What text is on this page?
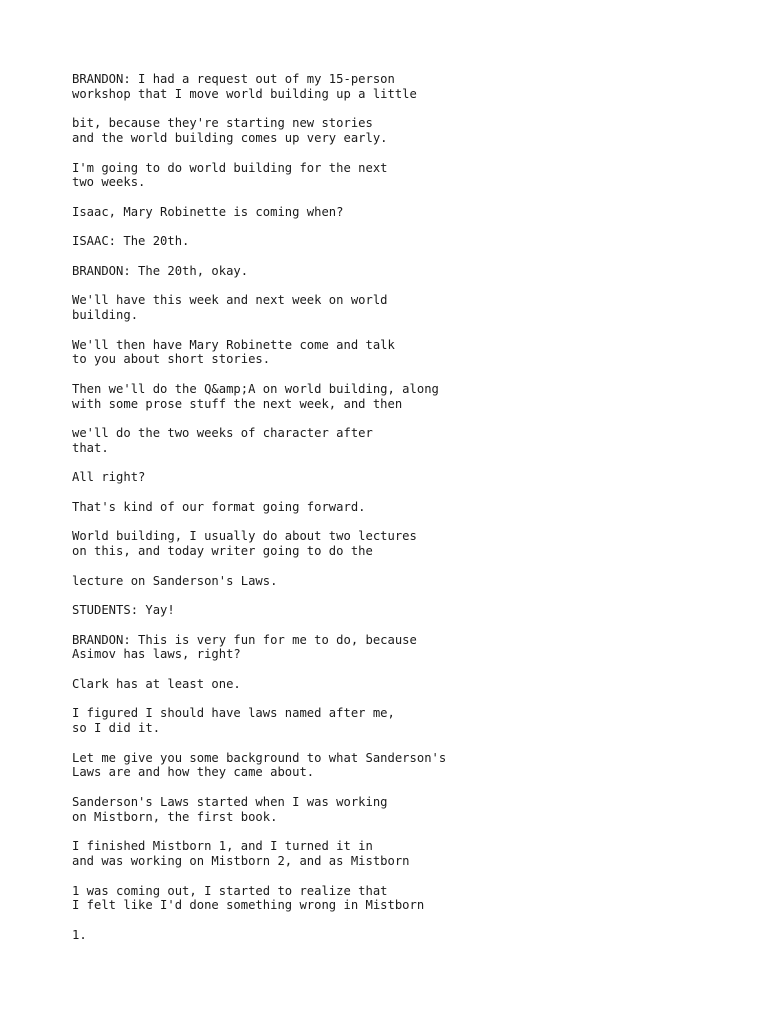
BRANDON: I had a request out of my 15-person
workshop that I move world building up a little

bit, because they're starting new stories
and the world building comes up very early.

I'm going to do world building for the next
two weeks.

Isaac, Mary Robinette is coming when?

ISAAC: The 20th.

BRANDON: The 20th, okay.

We'll have this week and next week on world
building.

We'll then have Mary Robinette come and talk
to you about short stories.

Then we'll do the Q&amp;A on world building, along
with some prose stuff the next week, and then

we'll do the two weeks of character after
that.

All right?

That's kind of our format going forward.

World building, I usually do about two lectures
on this, and today writer going to do the

lecture on Sanderson's Laws.

STUDENTS: Yay!

BRANDON: This is very fun for me to do, because
Asimov has laws, right?

Clark has at least one.

I figured I should have laws named after me,
so I did it.

Let me give you some background to what Sanderson's
Laws are and how they came about.

Sanderson's Laws started when I was working
on Mistborn, the first book.

I finished Mistborn 1, and I turned it in
and was working on Mistborn 2, and as Mistborn

1 was coming out, I started to realize that
I felt like I'd done something wrong in Mistborn

1.
